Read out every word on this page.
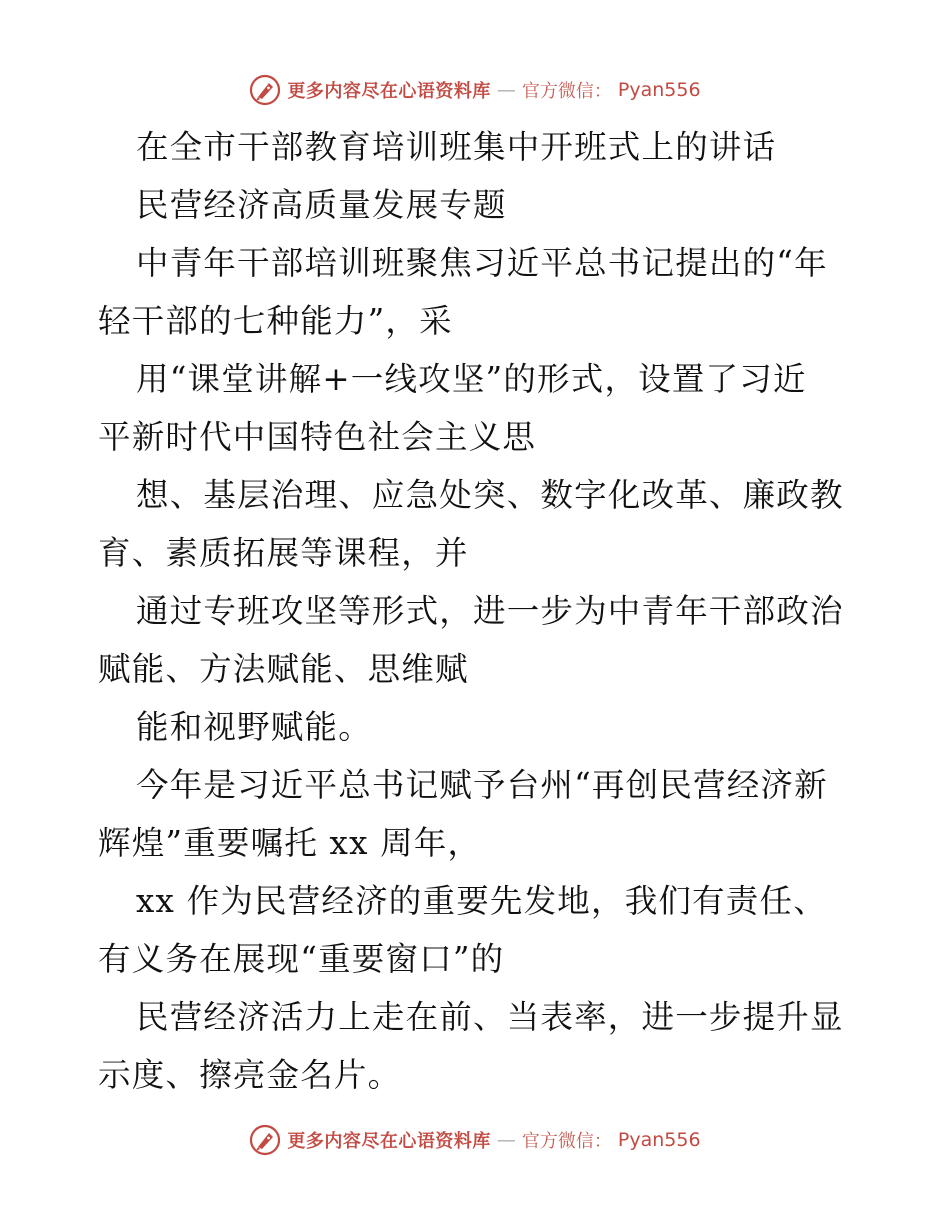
更多内容尽在心语资料库 — 官方微信： Pyan556
在全市干部教育培训班集中开班式上的讲话
民营经济高质量发展专题
中青年干部培训班聚焦习近平总书记提出的“年
轻干部的七种能力”，采
用“课堂讲解+一线攻坚”的形式，设置了习近
平新时代中国特色社会主义思
想、基层治理、应急处突、数字化改革、廉政教
育、素质拓展等课程，并
通过专班攻坚等形式，进一步为中青年干部政治
赋能、方法赋能、思维赋
能和视野赋能。
今年是习近平总书记赋予台州“再创民营经济新
辉煌”重要嘱托 xx 周年，
xx 作为民营经济的重要先发地，我们有责任、
有义务在展现“重要窗口”的
民营经济活力上走在前、当表率，进一步提升显
示度、擦亮金名片。
更多内容尽在心语资料库 — 官方微信： Pyan556
